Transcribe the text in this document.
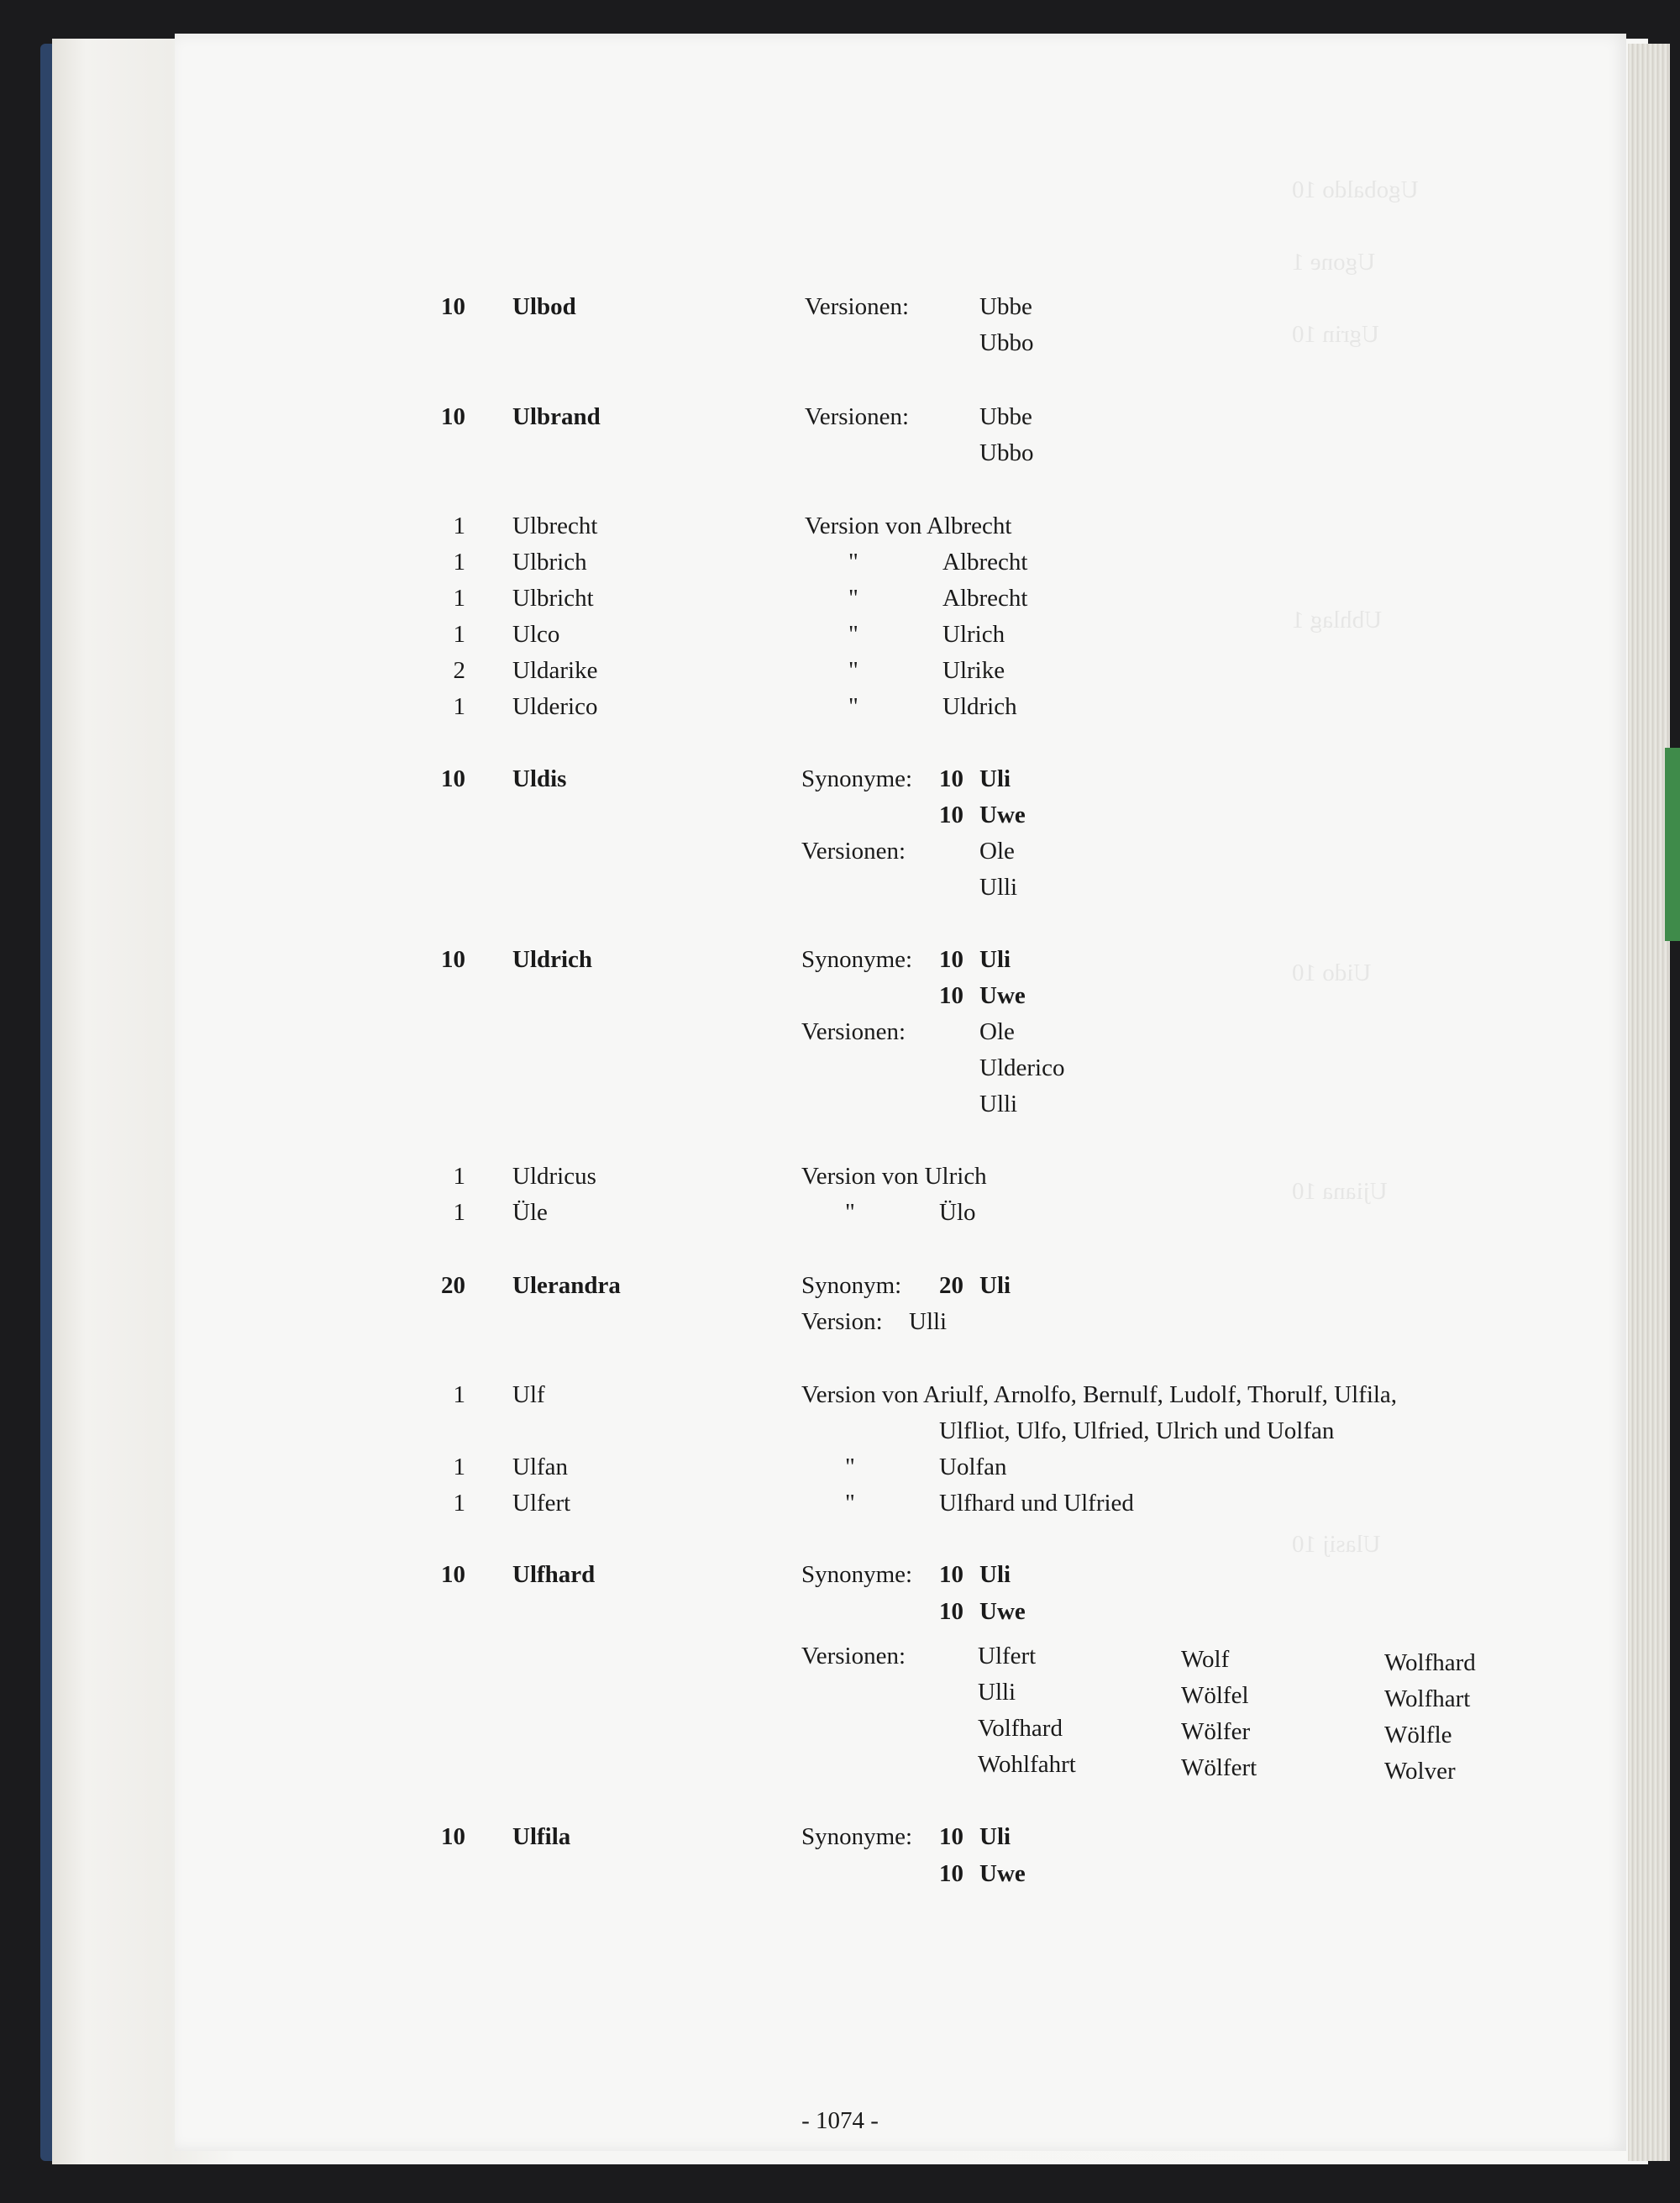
Ugobaldo 10
Ugone 1
Ugrin 10
Ubhlag 1
Uido 10
Ujiana 10
Ulasij 10
10 Ulbod	Versionen:	Ubbe
Ubbo
10 Ulbrand	Versionen:	Ubbe
Ubbo
1 Ulbrecht	Version von Albrecht
1 Ulbrich	"	Albrecht
1 Ulbricht	"	Albrecht
1 Ulco	"	Ulrich
2 Uldarike	"	Ulrike
1 Ulderico	"	Uldrich
10 Uldis	Synonyme: 10 Uli
10 Uwe
Versionen:	Ole
Ulli
10 Uldrich	Synonyme: 10 Uli
10 Uwe
Versionen:	Ole
Ulderico
Ulli
1 Uldricus	Version von Ulrich
1 Üle	"	Ülo
20 Ulerandra	Synonym: 20 Uli
Version: Ulli
1 Ulf	Version von Ariulf, Arnolfo, Bernulf, Ludolf, Thorulf, Ulfila,
Ulfliot, Ulfo, Ulfried, Ulrich und Uolfan
1 Ulfan	"	Uolfan
1 Ulfert	"	Ulfhard und Ulfried
10 Ulfhard	Synonyme: 10 Uli
10 Uwe
Versionen:	Ulfert	Wolf	Wolfhard
Ulli	Wölfel	Wolfhart
Volfhard	Wölfer	Wölfle
Wohlfahrt	Wölfert	Wolver
10 Ulfila	Synonyme: 10 Uli
10 Uwe
- 1074 -
